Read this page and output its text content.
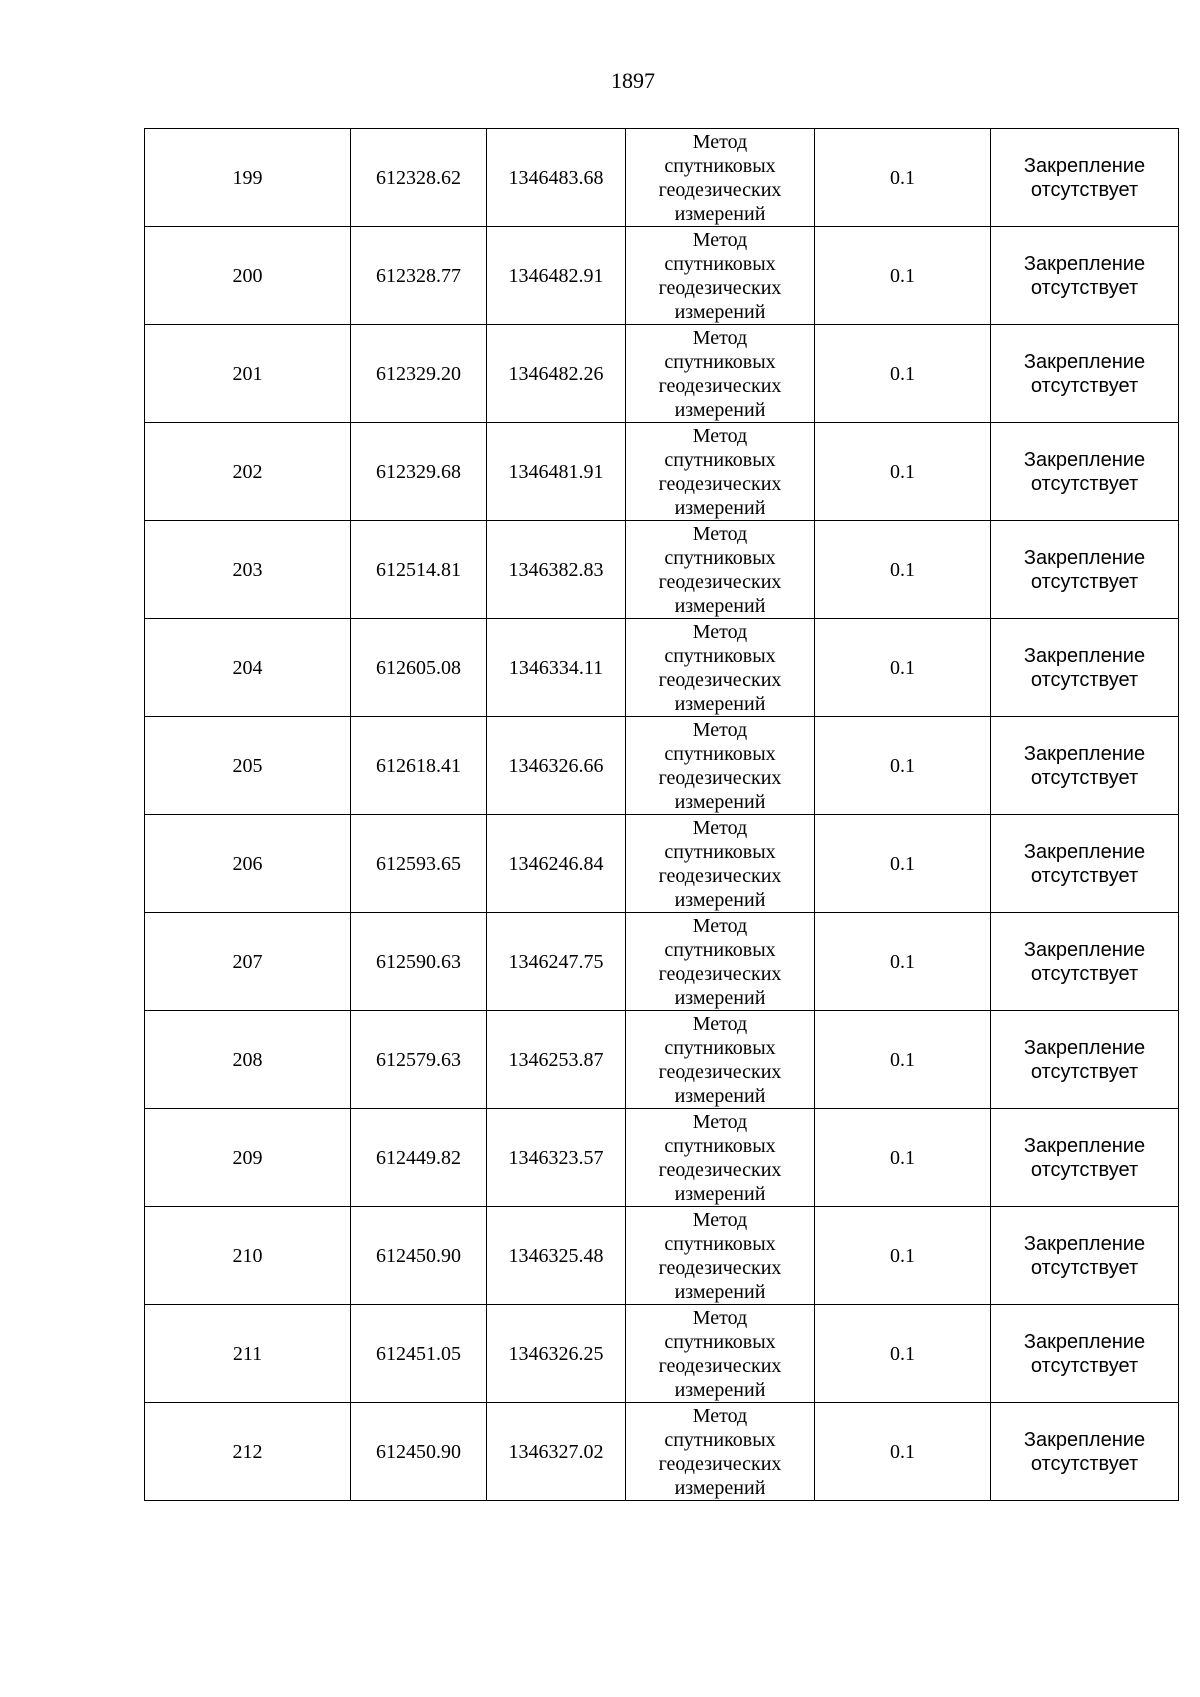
1897
199	612328.62	1346483.68	Метод
спутниковых
геодезических
измерений	0.1	Закрепление
отсутствует

200	612328.77	1346482.91	Метод
спутниковых
геодезических
измерений	0.1	Закрепление
отсутствует

201	612329.20	1346482.26	Метод
спутниковых
геодезических
измерений	0.1	Закрепление
отсутствует

202	612329.68	1346481.91	Метод
спутниковых
геодезических
измерений	0.1	Закрепление
отсутствует

203	612514.81	1346382.83	Метод
спутниковых
геодезических
измерений	0.1	Закрепление
отсутствует

204	612605.08	1346334.11	Метод
спутниковых
геодезических
измерений	0.1	Закрепление
отсутствует

205	612618.41	1346326.66	Метод
спутниковых
геодезических
измерений	0.1	Закрепление
отсутствует

206	612593.65	1346246.84	Метод
спутниковых
геодезических
измерений	0.1	Закрепление
отсутствует

207	612590.63	1346247.75	Метод
спутниковых
геодезических
измерений	0.1	Закрепление
отсутствует

208	612579.63	1346253.87	Метод
спутниковых
геодезических
измерений	0.1	Закрепление
отсутствует

209	612449.82	1346323.57	Метод
спутниковых
геодезических
измерений	0.1	Закрепление
отсутствует

210	612450.90	1346325.48	Метод
спутниковых
геодезических
измерений	0.1	Закрепление
отсутствует

211	612451.05	1346326.25	Метод
спутниковых
геодезических
измерений	0.1	Закрепление
отсутствует

212	612450.90	1346327.02	Метод
спутниковых
геодезических
измерений	0.1	Закрепление
отсутствует
